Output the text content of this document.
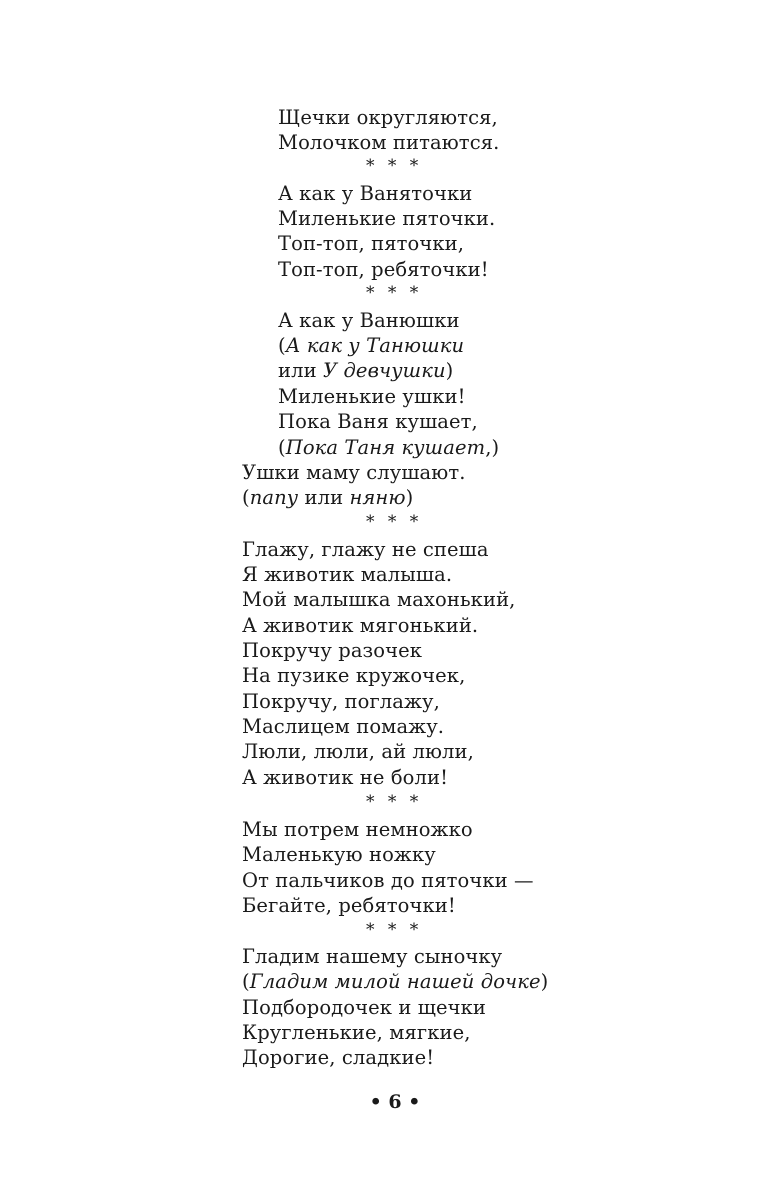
Щечки округляются,
Молочком питаются.
* * *
А как у Ваняточки
Миленькие пяточки.
Топ-топ, пяточки,
Топ-топ, ребяточки!
* * *
А как у Ванюшки
(А как у Танюшки
или У девчушки)
Миленькие ушки!
Пока Ваня кушает,
(Пока Таня кушает,)
Ушки маму слушают.
(папу или няню)
* * *
Глажу, глажу не спеша
Я животик малыша.
Мой малышка махонький,
А животик мягонький.
Покручу разочек
На пузике кружочек,
Покручу, поглажу,
Маслицем помажу.
Люли, люли, ай люли,
А животик не боли!
* * *
Мы потрем немножко
Маленькую ножку
От пальчиков до пяточки —
Бегайте, ребяточки!
* * *
Гладим нашему сыночку
(Гладим милой нашей дочке)
Подбородочек и щечки
Кругленькие, мягкие,
Дорогие, сладкие!
• 6 •
